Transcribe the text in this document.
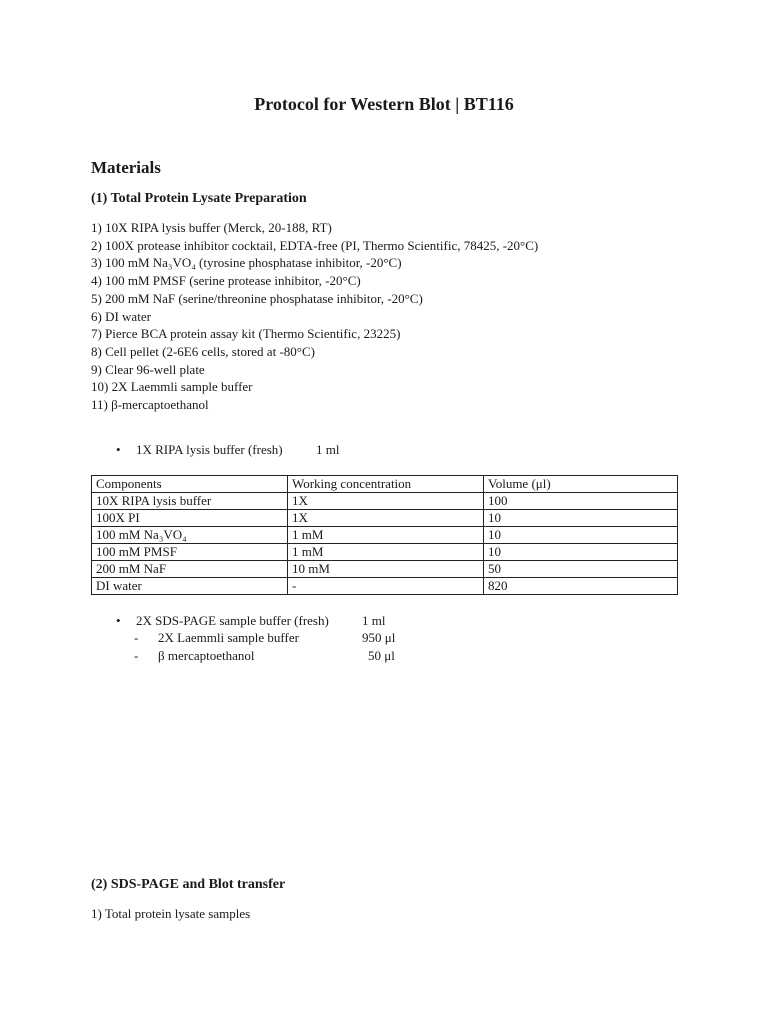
Protocol for Western Blot | BT116
Materials
(1) Total Protein Lysate Preparation
1) 10X RIPA lysis buffer (Merck, 20-188, RT)
2) 100X protease inhibitor cocktail, EDTA-free (PI, Thermo Scientific, 78425, -20°C)
3) 100 mM Na₃VO₄ (tyrosine phosphatase inhibitor, -20°C)
4) 100 mM PMSF (serine protease inhibitor, -20°C)
5) 200 mM NaF (serine/threonine phosphatase inhibitor, -20°C)
6) DI water
7) Pierce BCA protein assay kit (Thermo Scientific, 23225)
8) Cell pellet (2-6E6 cells, stored at -80°C)
9) Clear 96-well plate
10) 2X Laemmli sample buffer
11) β-mercaptoethanol
• 1X RIPA lysis buffer (fresh)	1 ml
Components	Working concentration	Volume (μl)
10X RIPA lysis buffer	1X	100
100X PI	1X	10
100 mM Na₃VO₄	1 mM	10
100 mM PMSF	1 mM	10
200 mM NaF	10 mM	50
DI water	-	820
• 2X SDS-PAGE sample buffer (fresh)	1 ml
- 2X Laemmli sample buffer	950 μl
- β mercaptoethanol	50 μl
(2) SDS-PAGE and Blot transfer
1) Total protein lysate samples
